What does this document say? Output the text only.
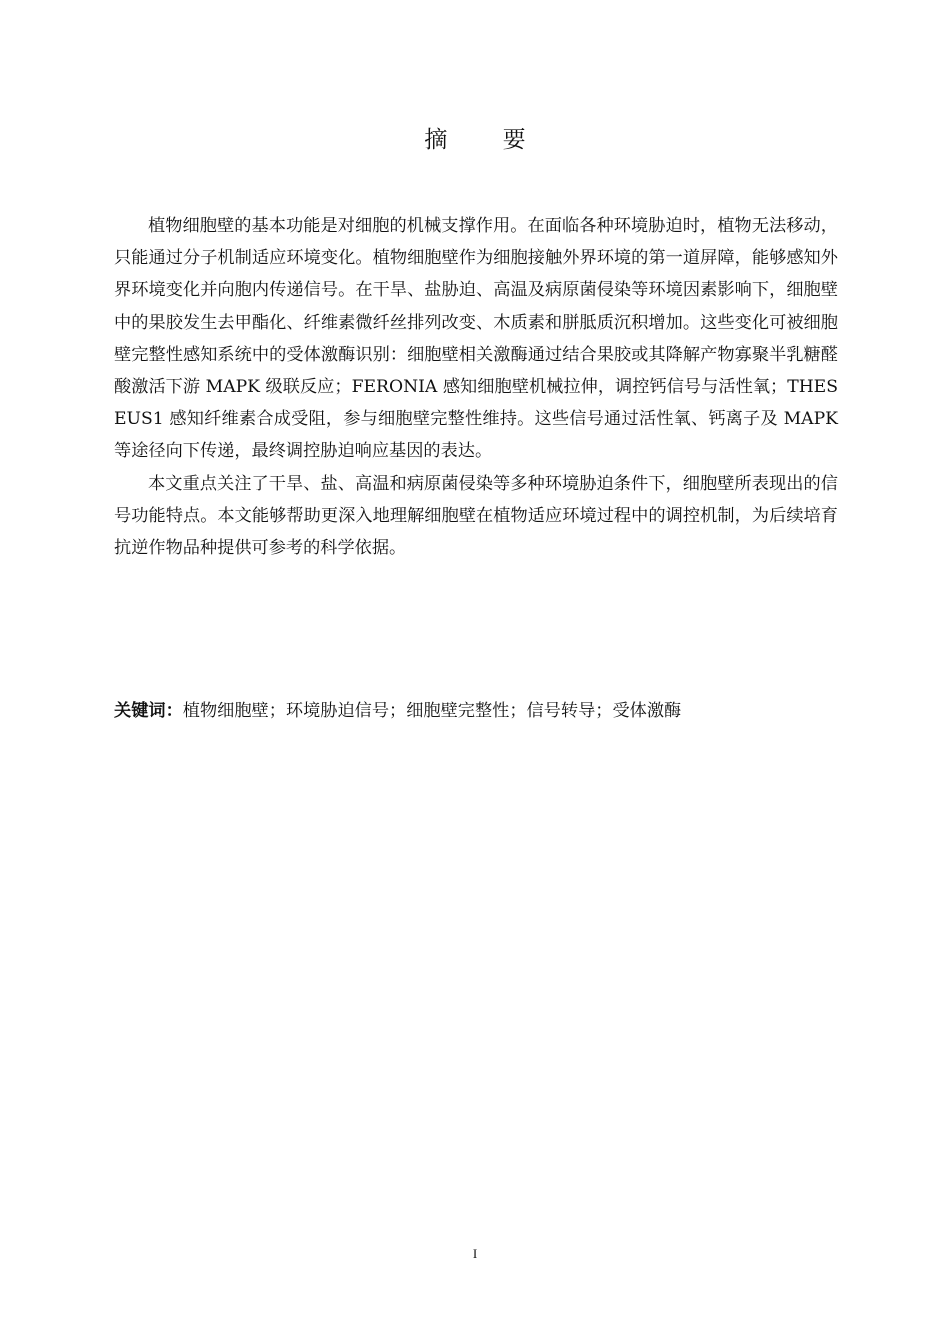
摘 要

植物细胞壁的基本功能是对细胞的机械支撑作用。在面临各种环境胁迫时，植物无法移动，只能通过分子机制适应环境变化。植物细胞壁作为细胞接触外界环境的第一道屏障，能够感知外界环境变化并向胞内传递信号。在干旱、盐胁迫、高温及病原菌侵染等环境因素影响下，细胞壁中的果胶发生去甲酯化、纤维素微纤丝排列改变、木质素和胼胝质沉积增加。这些变化可被细胞壁完整性感知系统中的受体激酶识别：细胞壁相关激酶通过结合果胶或其降解产物寡聚半乳糖醛酸激活下游 MAPK 级联反应；FERONIA 感知细胞壁机械拉伸，调控钙信号与活性氧；THESEUS1 感知纤维素合成受阻，参与细胞壁完整性维持。这些信号通过活性氧、钙离子及 MAPK 等途径向下传递，最终调控胁迫响应基因的表达。

本文重点关注了干旱、盐、高温和病原菌侵染等多种环境胁迫条件下，细胞壁所表现出的信号功能特点。本文能够帮助更深入地理解细胞壁在植物适应环境过程中的调控机制，为后续培育抗逆作物品种提供可参考的科学依据。

关键词：植物细胞壁；环境胁迫信号；细胞壁完整性；信号转导；受体激酶
I
